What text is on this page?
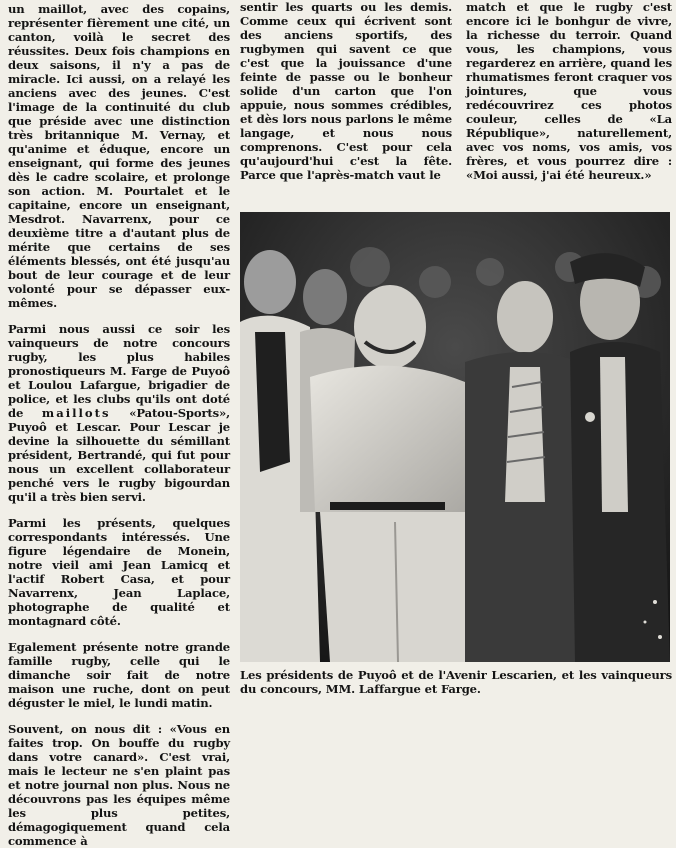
un maillot, avec des copains, représenter fièrement une cité, un canton, voilà le secret des réussites. Deux fois champions en deux saisons, il n'y a pas de miracle. Ici aussi, on a relayé les anciens avec des jeunes. C'est l'image de la continuité du club que préside avec une distinction très britannique M. Vernay, et qu'anime et éduque, encore un enseignant, qui forme des jeunes dès le cadre scolaire, et prolonge son action. M. Pourtalet et le capitaine, encore un enseignant, Mesdrot. Navarrenx, pour ce deuxième titre a d'autant plus de mérite que certains de ses éléments blessés, ont été jusqu'au bout de leur courage et de leur volonté pour se dépasser eux-mêmes.

Parmi nous aussi ce soir les vainqueurs de notre concours rugby, les plus habiles pronostiqueurs M. Farge de Puyoô et Loulou Lafargue, brigadier de police, et les clubs qu'ils ont doté de maillots «Patou-Sports», Puyoô et Lescar. Pour Lescar je devine la silhouette du sémillant président, Bertrandé, qui fut pour nous un excellent collaborateur penché vers le rugby bigourdan qu'il a très bien servi.

Parmi les présents, quelques correspondants intéressés. Une figure légendaire de Monein, notre vieil ami Jean Lamicq et l'actif Robert Casa, et pour Navarrenx, Jean Laplace, photographe de qualité et montagnard côté.

Egalement présente notre grande famille rugby, celle qui le dimanche soir fait de notre maison une ruche, dont on peut déguster le miel, le lundi matin.

Souvent, on nous dit : «Vous en faites trop. On bouffe du rugby dans votre canard». C'est vrai, mais le lecteur ne s'en plaint pas et notre journal non plus. Nous ne découvrons pas les équipes même les plus petites, démagogiquement quand cela commence à

sentir les quarts ou les demis. Comme ceux qui écrivent sont des anciens sportifs, des rugbymen qui savent ce que c'est que la jouissance d'une feinte de passe ou le bonheur solide d'un carton que l'on appuie, nous sommes crédibles, et dès lors nous parlons le même langage, et nous nous comprenons. C'est pour cela qu'aujourd'hui c'est la fête. Parce que l'après-match vaut le

match et que le rugby c'est encore ici le bonhgur de vivre, la richesse du terroir. Quand vous, les champions, vous regarderez en arrière, quand les rhumatismes feront craquer vos jointures, que vous redécouvrirez ces photos couleur, celles de «La République», naturellement, avec vos noms, vos amis, vos frères, et vous pourrez dire : «Moi aussi, j'ai été heureux.»

Les présidents de Puyoô et de l'Avenir Lescarien, et les vainqueurs du concours, MM. Laffargue et Farge.
